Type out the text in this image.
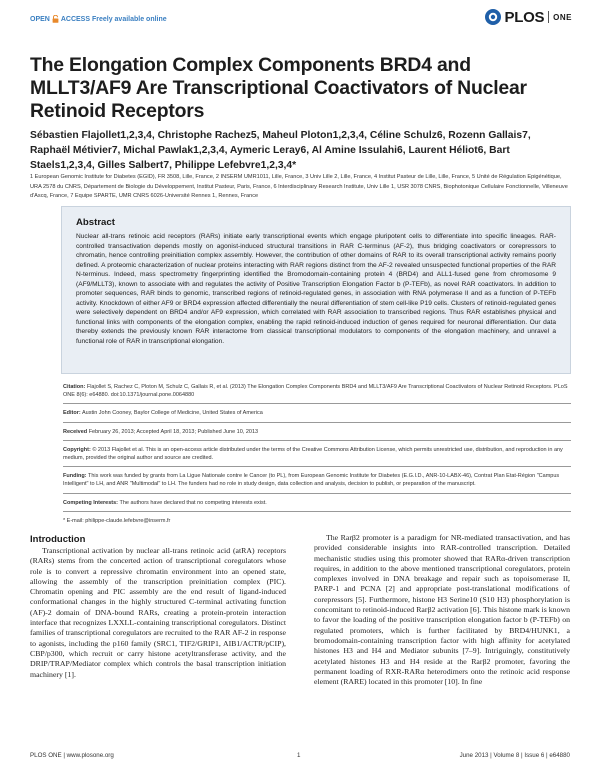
OPEN ACCESS Freely available online	PLOS ONE
The Elongation Complex Components BRD4 and MLLT3/AF9 Are Transcriptional Coactivators of Nuclear Retinoid Receptors
Sébastien Flajollet1,2,3,4, Christophe Rachez5, Maheul Ploton1,2,3,4, Céline Schulz6, Rozenn Gallais7, Raphaël Métivier7, Michal Pawlak1,2,3,4, Aymeric Leray6, Al Amine Issulahi6, Laurent Héliot6, Bart Staels1,2,3,4, Gilles Salbert7, Philippe Lefebvre1,2,3,4*
1 European Genomic Institute for Diabetes (EGID), FR 3508, Lille, France, 2 INSERM UMR1011, Lille, France, 3 Univ Lille 2, Lille, France, 4 Institut Pasteur de Lille, Lille, France, 5 Unité de Régulation Epigénétique, URA 2578 du CNRS, Département de Biologie du Développement, Institut Pasteur, Paris, France, 6 Interdisciplinary Research Institute, Univ Lille 1, USR 3078 CNRS, Biophotonique Cellulaire Fonctionnelle, Villeneuve d'Ascq, France, 7 Equipe SPARTE, UMR CNRS 6026-Université Rennes 1, Rennes, France
Abstract

Nuclear all-trans retinoic acid receptors (RARs) initiate early transcriptional events which engage pluripotent cells to differentiate into specific lineages. RAR-controlled transactivation depends mostly on agonist-induced structural transitions in RAR C-terminus (AF-2), thus bridging coactivators or corepressors to chromatin, hence controlling preinitiation complex assembly. However, the contribution of other domains of RAR to its overall transcriptional activity remains poorly defined. A proteomic characterization of nuclear proteins interacting with RAR regions distinct from the AF-2 revealed unsuspected functional properties of the RAR N-terminus. Indeed, mass spectrometry fingerprinting identified the Bromodomain-containing protein 4 (BRD4) and ALL1-fused gene from chromosome 9 (AF9/MLLT3), known to associate with and regulates the activity of Positive Transcription Elongation Factor b (P-TEFb), as novel RAR coactivators. In addition to promoter sequences, RAR binds to genomic, transcribed regions of retinoid-regulated genes, in association with RNA polymerase II and as a function of P-TEFb activity. Knockdown of either AF9 or BRD4 expression affected differentially the neural differentiation of stem cell-like P19 cells. Clusters of retinoid-regulated genes were selectively dependent on BRD4 and/or AF9 expression, which correlated with RAR association to transcribed regions. Thus RAR establishes physical and functional links with components of the elongation complex, enabling the rapid retinoid-induced induction of genes required for neuronal differentiation. Our data thereby extends the previously known RAR interactome from classical transcriptional modulators to components of the elongation machinery, and unravel a functional role of RAR in transcriptional elongation.

Citation: Flajollet S, Rachez C, Ploton M, Schulz C, Gallais R, et al. (2013) The Elongation Complex Components BRD4 and MLLT3/AF9 Are Transcriptional Coactivators of Nuclear Retinoid Receptors. PLoS ONE 8(6): e64880. doi:10.1371/journal.pone.0064880
Editor: Austin John Cooney, Baylor College of Medicine, United States of America
Received February 26, 2013; Accepted April 18, 2013; Published June 10, 2013
Copyright: © 2013 Flajollet et al. This is an open-access article distributed under the terms of the Creative Commons Attribution License, which permits unrestricted use, distribution, and reproduction in any medium, provided the original author and source are credited.
Funding: This work was funded by grants from La Ligue Nationale contre le Cancer (to PL), from European Genomic Institute for Diabetes (E.G.I.D., ANR-10-LABX-46), Contrat Plan Etat-Région "Campus Intelligent" to LH, and ANR "Multimodal" to LH. The funders had no role in study design, data collection and analysis, decision to publish, or preparation of the manuscript.
Competing Interests: The authors have declared that no competing interests exist.
* E-mail: philippe-claude.lefebvre@inserm.fr
Introduction

Transcriptional activation by nuclear all-trans retinoic acid (atRA) receptors (RARs) stems from the concerted action of transcriptional coregulators whose role is to convert a repressive chromatin environment into an opened state, allowing the assembly of the transcription preinitiation complex (PIC). Chromatin opening and PIC assembly are the end result of ligand-induced conformational changes in the highly structured C-terminal activating function (AF)-2 domain of DNA-bound RARs, creating a protein-protein interaction interface that recognizes LXXLL-containing transcriptional coregulators. Distinct families of transcriptional coregulators are recruited to the RAR AF-2 in response to agonists, including the p160 family (SRC1, TIF2/GRIP1, AIB1/ACTR/pCIP), CBP/p300, which recruit or carry histone acetyltransferase activity, and the DRIP/TRAP/Mediator complex which controls the basal transcription initiation machinery [1].

The Rarβ2 promoter is a paradigm for NR-mediated transactivation, and has provided considerable insights into RAR-controlled transcription. Detailed mechanistic studies using this promoter showed that RARα-driven transcription requires, in addition to the above mentioned transcriptional coregulators, protein complexes involved in DNA breakage and repair such as topoisomerase II, PARP-1 and PCNA [2] and appropriate post-translational modifications of corepressors [5]. Furthermore, histone H3 Serine10 (S10 H3) phosphorylation is concomitant to retinoid-induced Rarβ2 activation [6]. This histone mark is known to favor the loading of the positive transcription elongation factor b (P-TEFb) on regulated promoters, which is further facilitated by BRD4/HUNK1, a bromodomain-containing transcription factor with high affinity for acetylated histones H3 and H4 and Mediator subunits [7–9]. Intriguingly, constitutively acetylated histones H3 and H4 reside at the Rarβ2 promoter, favoring the permanent loading of RXR-RARα heterodimers onto the retinoic acid response element (RARE) located in this promoter [10]. In fine

PLOS ONE | www.plosone.org	1	June 2013 | Volume 8 | Issue 6 | e64880
